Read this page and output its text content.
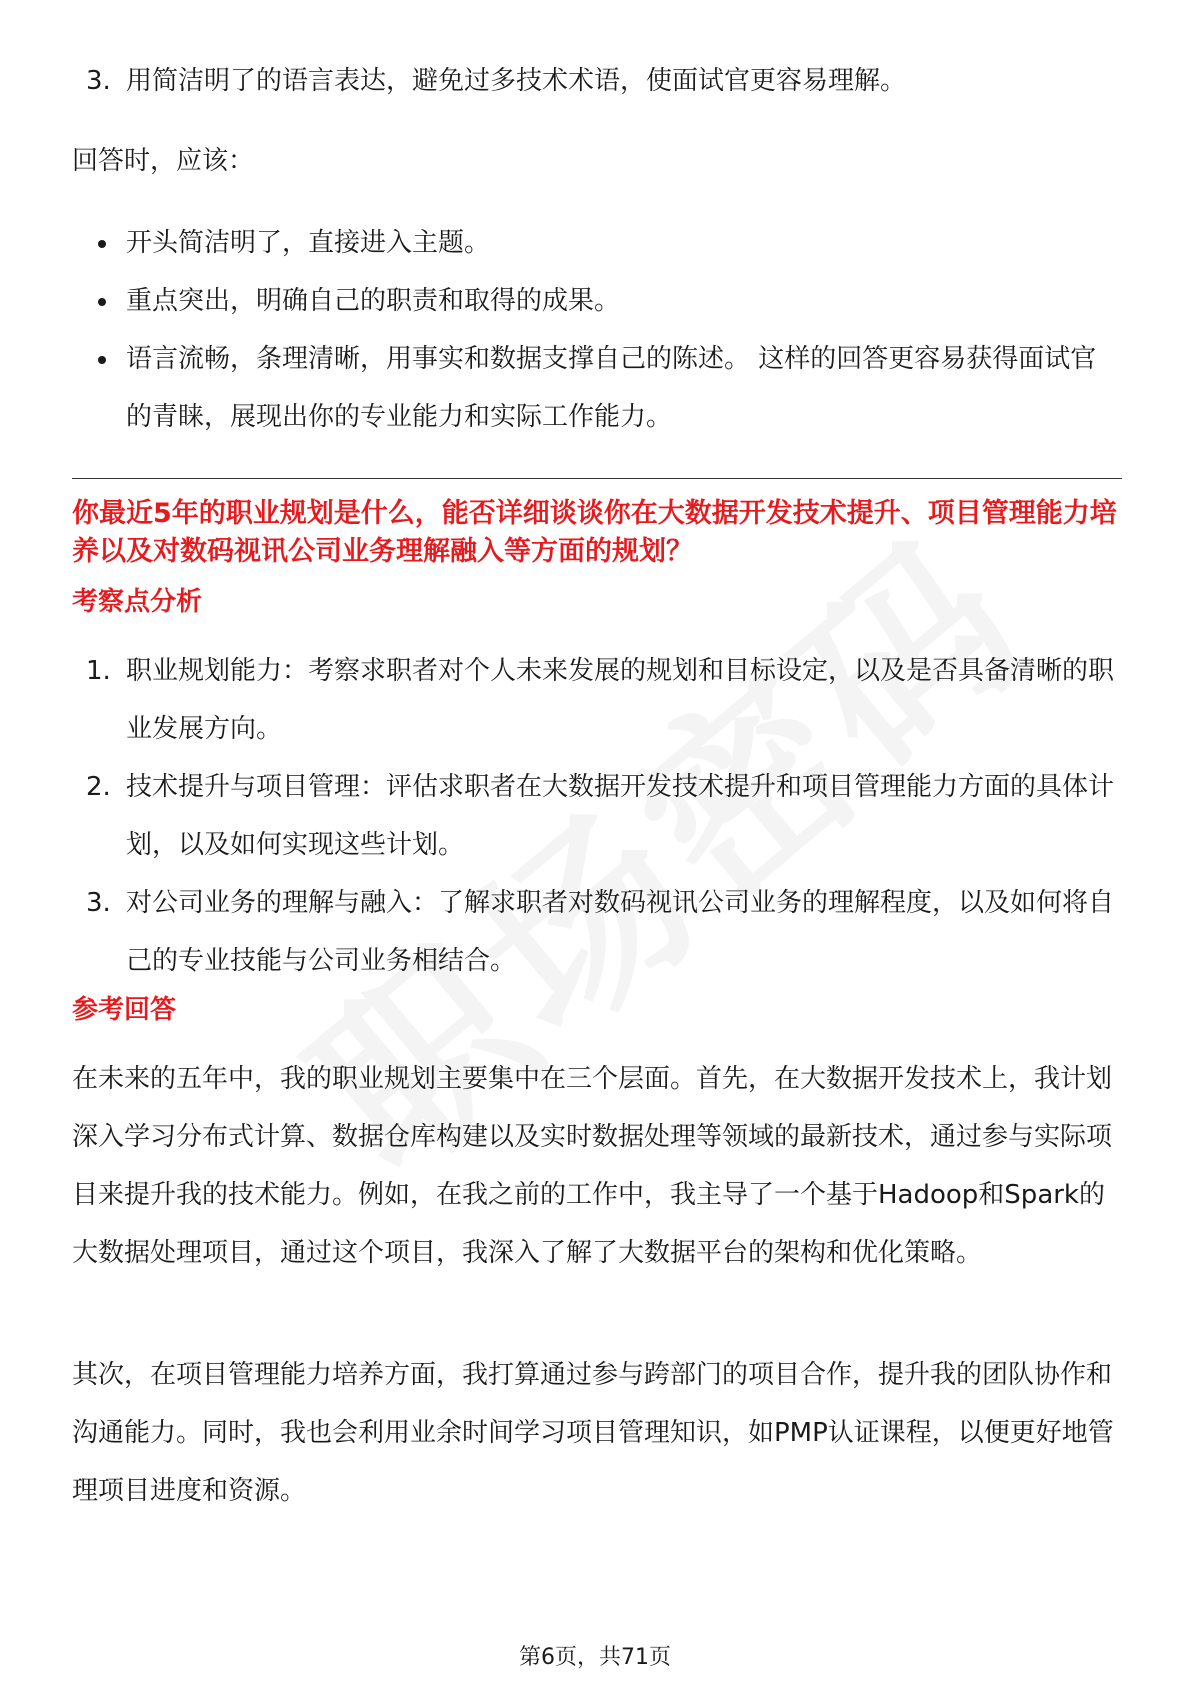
3. 用简洁明了的语言表达，避免过多技术术语，使面试官更容易理解。

回答时，应该：

开头简洁明了，直接进入主题。
重点突出，明确自己的职责和取得的成果。
语言流畅，条理清晰，用事实和数据支撑自己的陈述。 这样的回答更容易获得面试官的青睐，展现出你的专业能力和实际工作能力。

你最近5年的职业规划是什么，能否详细谈谈你在大数据开发技术提升、项目管理能力培养以及对数码视讯公司业务理解融入等方面的规划？

考察点分析

1. 职业规划能力：考察求职者对个人未来发展的规划和目标设定，以及是否具备清晰的职业发展方向。
2. 技术提升与项目管理：评估求职者在大数据开发技术提升和项目管理能力方面的具体计划，以及如何实现这些计划。
3. 对公司业务的理解与融入：了解求职者对数码视讯公司业务的理解程度，以及如何将自己的专业技能与公司业务相结合。

参考回答

在未来的五年中，我的职业规划主要集中在三个层面。首先，在大数据开发技术上，我计划深入学习分布式计算、数据仓库构建以及实时数据处理等领域的最新技术，通过参与实际项目来提升我的技术能力。例如，在我之前的工作中，我主导了一个基于Hadoop和Spark的大数据处理项目，通过这个项目，我深入了解了大数据平台的架构和优化策略。

其次，在项目管理能力培养方面，我打算通过参与跨部门的项目合作，提升我的团队协作和沟通能力。同时，我也会利用业余时间学习项目管理知识，如PMP认证课程，以便更好地管理项目进度和资源。

第6页，共71页
